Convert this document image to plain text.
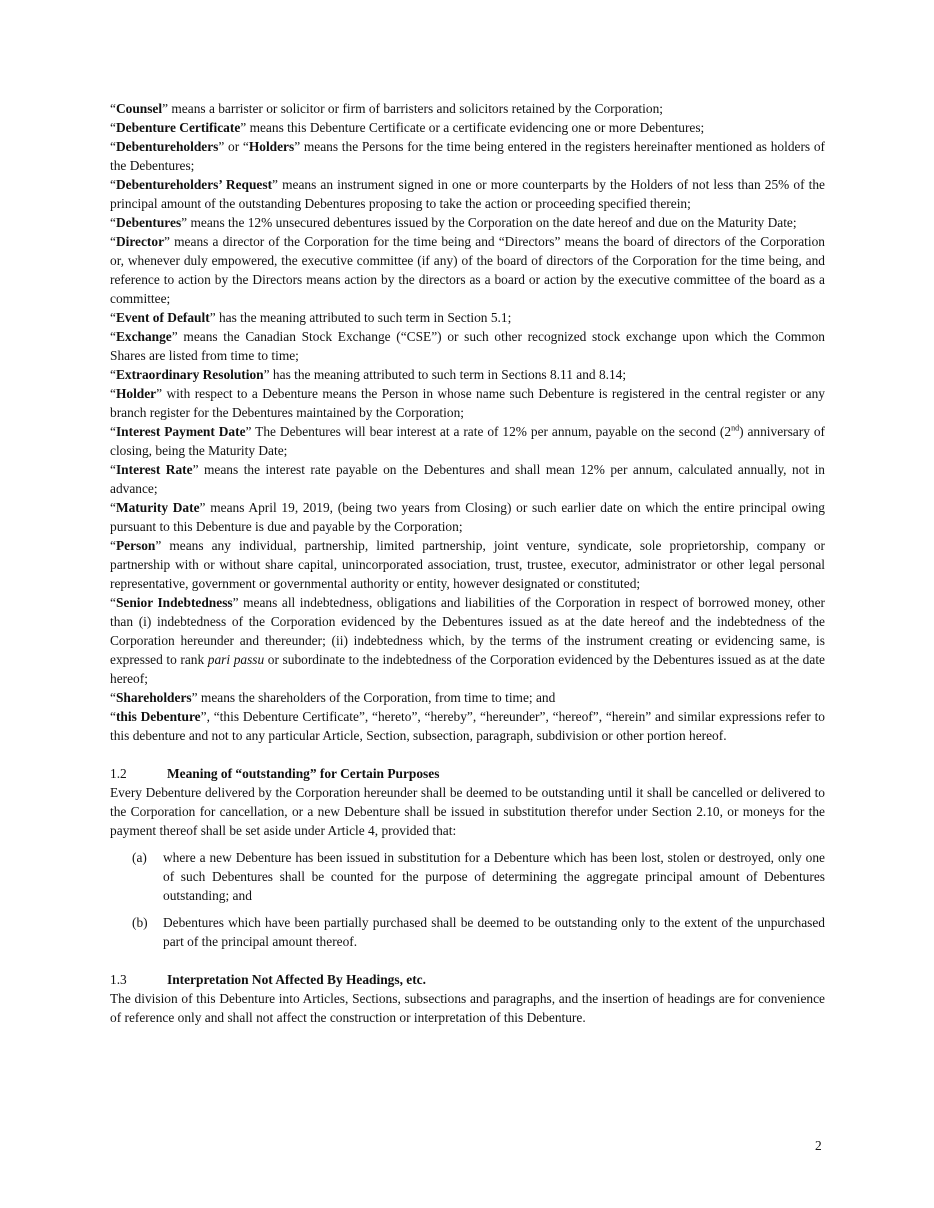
“Counsel” means a barrister or solicitor or firm of barristers and solicitors retained by the Corporation;

“Debenture Certificate” means this Debenture Certificate or a certificate evidencing one or more Debentures;

“Debentureholders” or “Holders” means the Persons for the time being entered in the registers hereinafter mentioned as holders of the Debentures;

“Debentureholders’ Request” means an instrument signed in one or more counterparts by the Holders of not less than 25% of the principal amount of the outstanding Debentures proposing to take the action or proceeding specified therein;

“Debentures” means the 12% unsecured debentures issued by the Corporation on the date hereof and due on the Maturity Date;

“Director” means a director of the Corporation for the time being and “Directors” means the board of directors of the Corporation or, whenever duly empowered, the executive committee (if any) of the board of directors of the Corporation for the time being, and reference to action by the Directors means action by the directors as a board or action by the executive committee of the board as a committee;

“Event of Default” has the meaning attributed to such term in Section 5.1;

“Exchange” means the Canadian Stock Exchange (“CSE”) or such other recognized stock exchange upon which the Common Shares are listed from time to time;

“Extraordinary Resolution” has the meaning attributed to such term in Sections 8.11 and 8.14;

“Holder” with respect to a Debenture means the Person in whose name such Debenture is registered in the central register or any branch register for the Debentures maintained by the Corporation;

“Interest Payment Date” The Debentures will bear interest at a rate of 12% per annum, payable on the second (2nd) anniversary of closing, being the Maturity Date;

“Interest Rate” means the interest rate payable on the Debentures and shall mean 12% per annum, calculated annually, not in advance;

“Maturity Date” means April 19, 2019, (being two years from Closing) or such earlier date on which the entire principal owing pursuant to this Debenture is due and payable by the Corporation;

“Person” means any individual, partnership, limited partnership, joint venture, syndicate, sole proprietorship, company or partnership with or without share capital, unincorporated association, trust, trustee, executor, administrator or other legal personal representative, government or governmental authority or entity, however designated or constituted;

“Senior Indebtedness” means all indebtedness, obligations and liabilities of the Corporation in respect of borrowed money, other than (i) indebtedness of the Corporation evidenced by the Debentures issued as at the date hereof and the indebtedness of the Corporation hereunder and thereunder; (ii) indebtedness which, by the terms of the instrument creating or evidencing same, is expressed to rank pari passu or subordinate to the indebtedness of the Corporation evidenced by the Debentures issued as at the date hereof;

“Shareholders” means the shareholders of the Corporation, from time to time; and

“this Debenture”, “this Debenture Certificate”, “hereto”, “hereby”, “hereunder”, “hereof”, “herein” and similar expressions refer to this debenture and not to any particular Article, Section, subsection, paragraph, subdivision or other portion hereof.

1.2	Meaning of “outstanding” for Certain Purposes

Every Debenture delivered by the Corporation hereunder shall be deemed to be outstanding until it shall be cancelled or delivered to the Corporation for cancellation, or a new Debenture shall be issued in substitution therefor under Section 2.10, or moneys for the payment thereof shall be set aside under Article 4, provided that:

(a)	where a new Debenture has been issued in substitution for a Debenture which has been lost, stolen or destroyed, only one of such Debentures shall be counted for the purpose of determining the aggregate principal amount of Debentures outstanding; and
(b)	Debentures which have been partially purchased shall be deemed to be outstanding only to the extent of the unpurchased part of the principal amount thereof.

1.3	Interpretation Not Affected By Headings, etc.

The division of this Debenture into Articles, Sections, subsections and paragraphs, and the insertion of headings are for convenience of reference only and shall not affect the construction or interpretation of this Debenture.

2
